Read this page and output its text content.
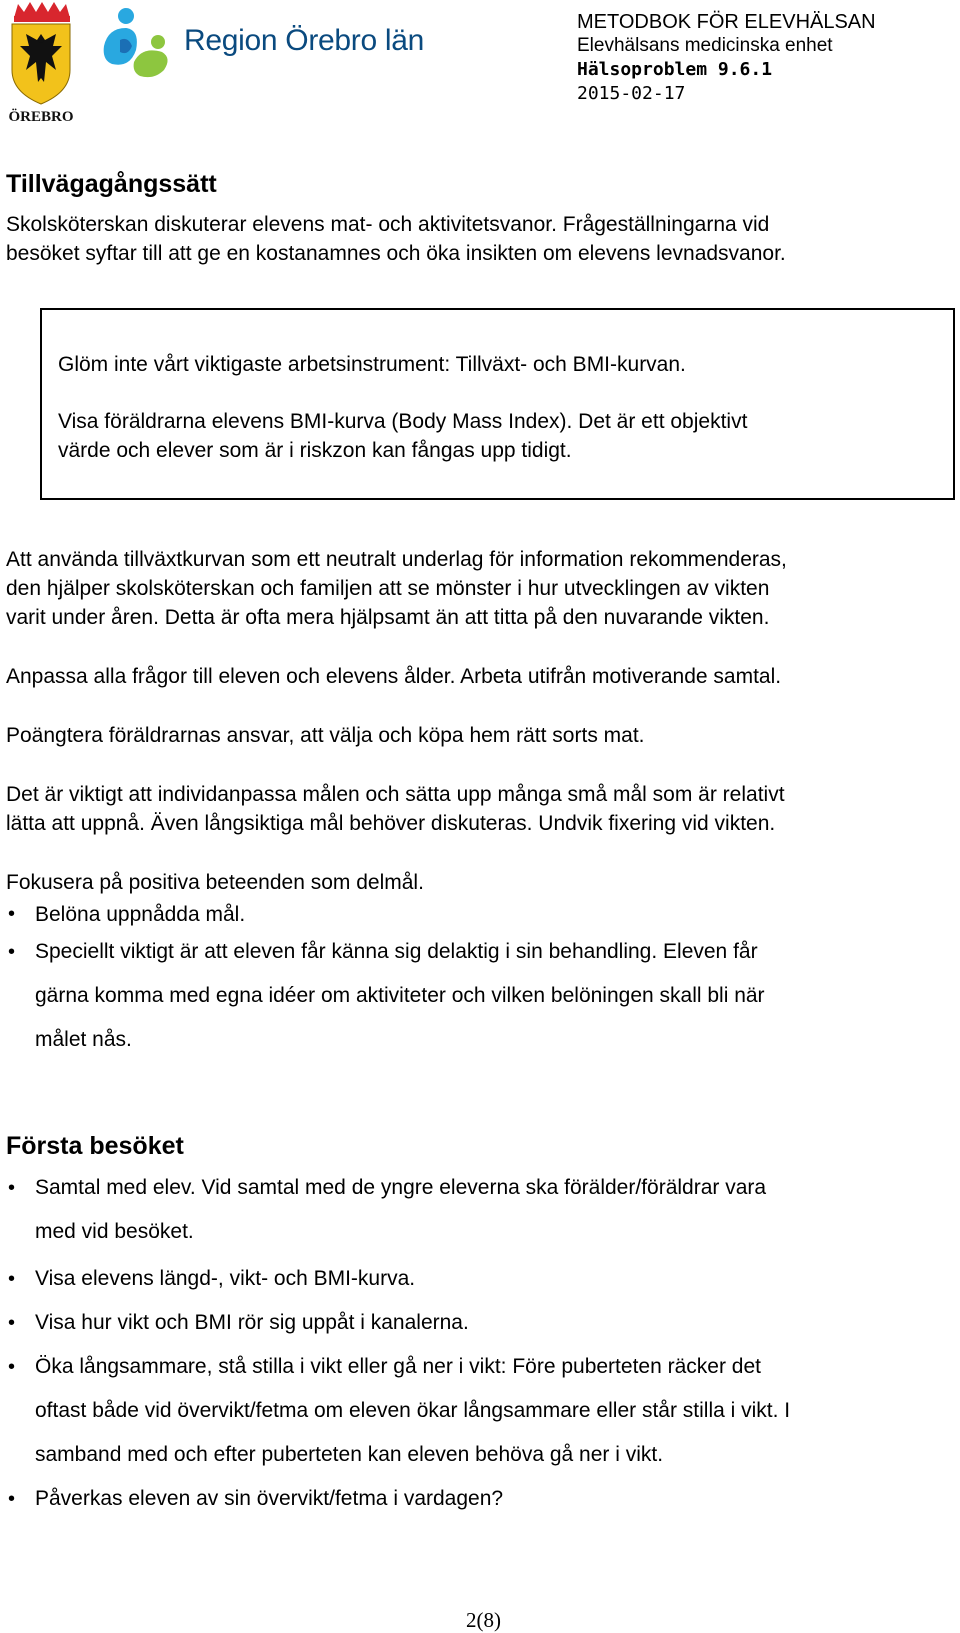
ÖREBRO
Region Örebro län
METODBOK FÖR ELEVHÄLSAN
Elevhälsans medicinska enhet
Hälsoproblem 9.6.1
2015-02-17
Tillvägagångssätt
Skolsköterskan diskuterar elevens mat- och aktivitetsvanor. Frågeställningarna vid
besöket syftar till att ge en kostanamnes och öka insikten om elevens levnadsvanor.
Glöm inte vårt viktigaste arbetsinstrument: Tillväxt- och BMI-kurvan.
Visa föräldrarna elevens BMI-kurva (Body Mass Index). Det är ett objektivt
värde och elever som är i riskzon kan fångas upp tidigt.
Att använda tillväxtkurvan som ett neutralt underlag för information rekommenderas,
den hjälper skolsköterskan och familjen att se mönster i hur utvecklingen av vikten
varit under åren. Detta är ofta mera hjälpsamt än att titta på den nuvarande vikten.
Anpassa alla frågor till eleven och elevens ålder. Arbeta utifrån motiverande samtal.
Poängtera föräldrarnas ansvar, att välja och köpa hem rätt sorts mat.
Det är viktigt att individanpassa målen och sätta upp många små mål som är relativt
lätta att uppnå. Även långsiktiga mål behöver diskuteras. Undvik fixering vid vikten.
Fokusera på positiva beteenden som delmål.
• Belöna uppnådda mål.
• Speciellt viktigt är att eleven får känna sig delaktig i sin behandling. Eleven får
gärna komma med egna idéer om aktiviteter och vilken belöningen skall bli när
målet nås.
Första besöket
• Samtal med elev. Vid samtal med de yngre eleverna ska förälder/föräldrar vara
med vid besöket.
• Visa elevens längd-, vikt- och BMI-kurva.
• Visa hur vikt och BMI rör sig uppåt i kanalerna.
• Öka långsammare, stå stilla i vikt eller gå ner i vikt: Före puberteten räcker det
oftast både vid övervikt/fetma om eleven ökar långsammare eller står stilla i vikt. I
samband med och efter puberteten kan eleven behöva gå ner i vikt.
• Påverkas eleven av sin övervikt/fetma i vardagen?
2(8)
